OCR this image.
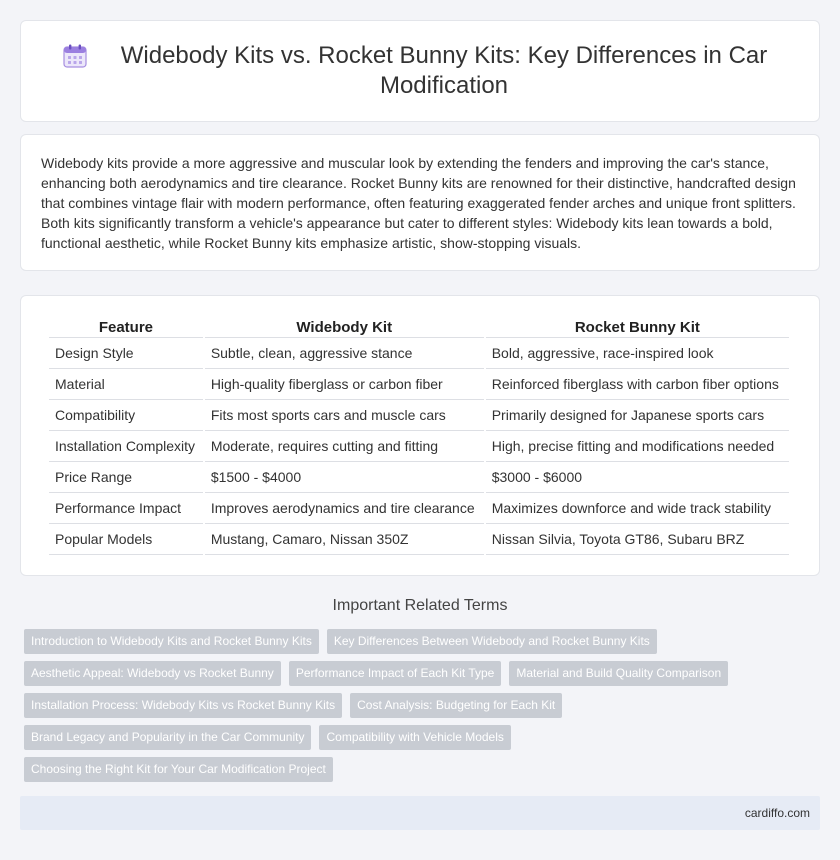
Widebody Kits vs. Rocket Bunny Kits: Key Differences in Car Modification

Widebody kits provide a more aggressive and muscular look by extending the fenders and improving the car's stance, enhancing both aerodynamics and tire clearance. Rocket Bunny kits are renowned for their distinctive, handcrafted design that combines vintage flair with modern performance, often featuring exaggerated fender arches and unique front splitters. Both kits significantly transform a vehicle's appearance but cater to different styles: Widebody kits lean towards a bold, functional aesthetic, while Rocket Bunny kits emphasize artistic, show-stopping visuals.

Feature	Widebody Kit	Rocket Bunny Kit
Design Style	Subtle, clean, aggressive stance	Bold, aggressive, race-inspired look
Material	High-quality fiberglass or carbon fiber	Reinforced fiberglass with carbon fiber options
Compatibility	Fits most sports cars and muscle cars	Primarily designed for Japanese sports cars
Installation Complexity	Moderate, requires cutting and fitting	High, precise fitting and modifications needed
Price Range	$1500 - $4000	$3000 - $6000
Performance Impact	Improves aerodynamics and tire clearance	Maximizes downforce and wide track stability
Popular Models	Mustang, Camaro, Nissan 350Z	Nissan Silvia, Toyota GT86, Subaru BRZ
Important Related Terms
Introduction to Widebody Kits and Rocket Bunny Kits	Key Differences Between Widebody and Rocket Bunny Kits
Aesthetic Appeal: Widebody vs Rocket Bunny	Performance Impact of Each Kit Type	Material and Build Quality Comparison
Installation Process: Widebody Kits vs Rocket Bunny Kits	Cost Analysis: Budgeting for Each Kit
Brand Legacy and Popularity in the Car Community	Compatibility with Vehicle Models
Choosing the Right Kit for Your Car Modification Project
cardiffo.com
